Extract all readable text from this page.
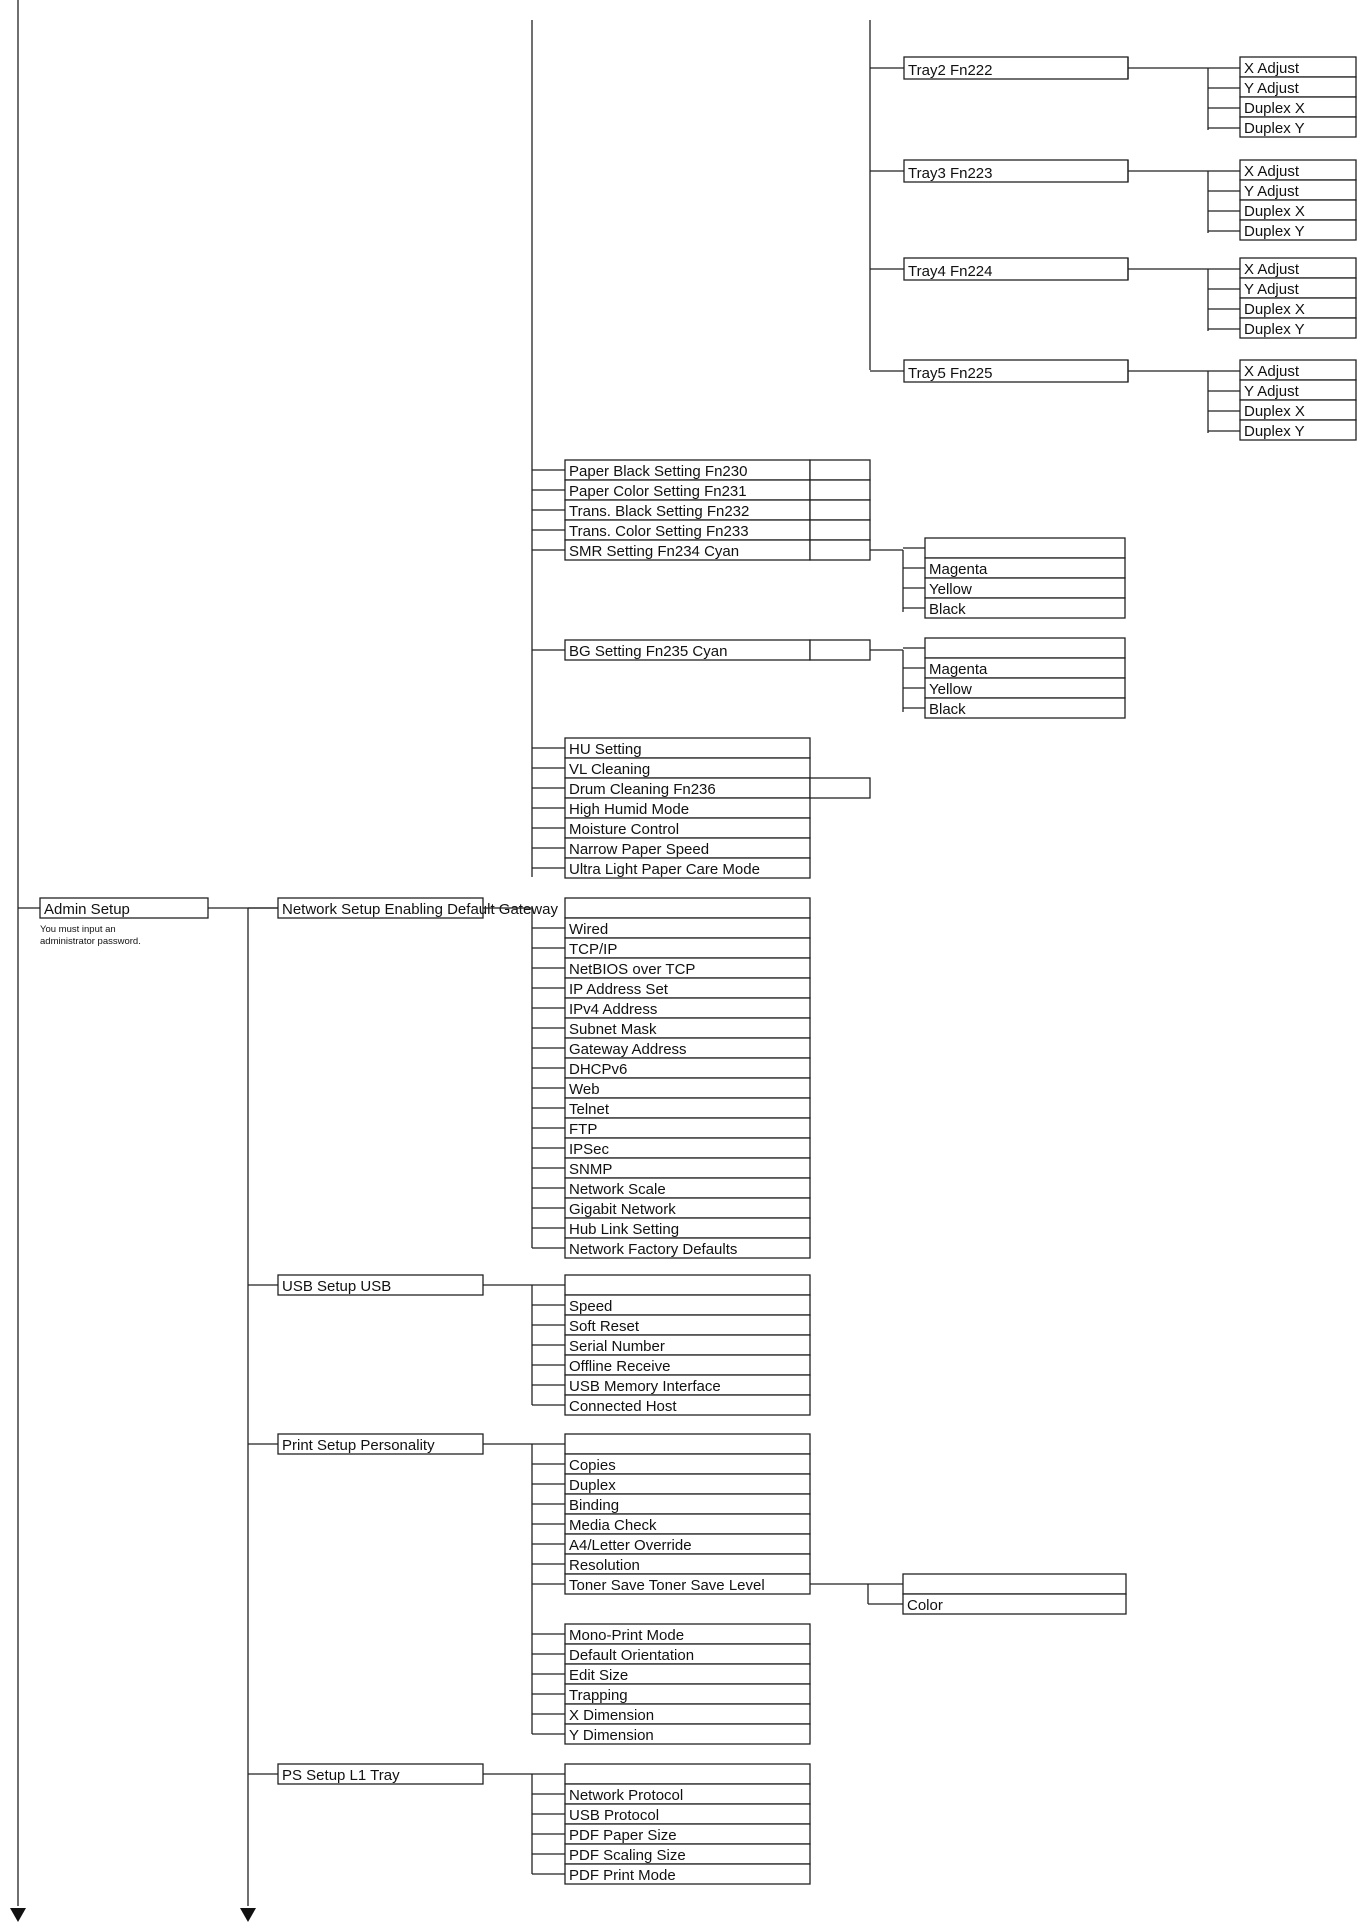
Tray2 Fn222	X Adjust
Y Adjust
Duplex X
Duplex Y
Tray3 Fn223	X Adjust
Y Adjust
Duplex X
Duplex Y
Tray4 Fn224	X Adjust
Y Adjust
Duplex X
Duplex Y
Tray5 Fn225	X Adjust
Y Adjust
Duplex X
Duplex Y
Paper Black Setting Fn230
Paper Color Setting Fn231
Trans. Black Setting Fn232
Trans. Color Setting Fn233
SMR Setting Fn234 Cyan
Magenta
Yellow
Black
BG Setting Fn235 Cyan
Magenta
Yellow
Black
HU Setting
VL Cleaning
Drum Cleaning Fn236
High Humid Mode
Moisture Control
Narrow Paper Speed
Ultra Light Paper Care Mode
Admin Setup
You must input an
administrator password.
Network Setup Enabling Default Gateway
Wired
TCP/IP
NetBIOS over TCP
IP Address Set
IPv4 Address
Subnet Mask
Gateway Address
DHCPv6
Web
Telnet
FTP
IPSec
SNMP
Network Scale
Gigabit Network
Hub Link Setting
Network Factory Defaults
USB Setup USB
Speed
Soft Reset
Serial Number
Offline Receive
USB Memory Interface
Connected Host
Print Setup Personality
Copies
Duplex
Binding
Media Check
A4/Letter Override
Resolution
Toner Save Toner Save Level
Color
Mono-Print Mode
Default Orientation
Edit Size
Trapping
X Dimension
Y Dimension
PS Setup L1 Tray
Network Protocol
USB Protocol
PDF Paper Size
PDF Scaling Size
PDF Print Mode
